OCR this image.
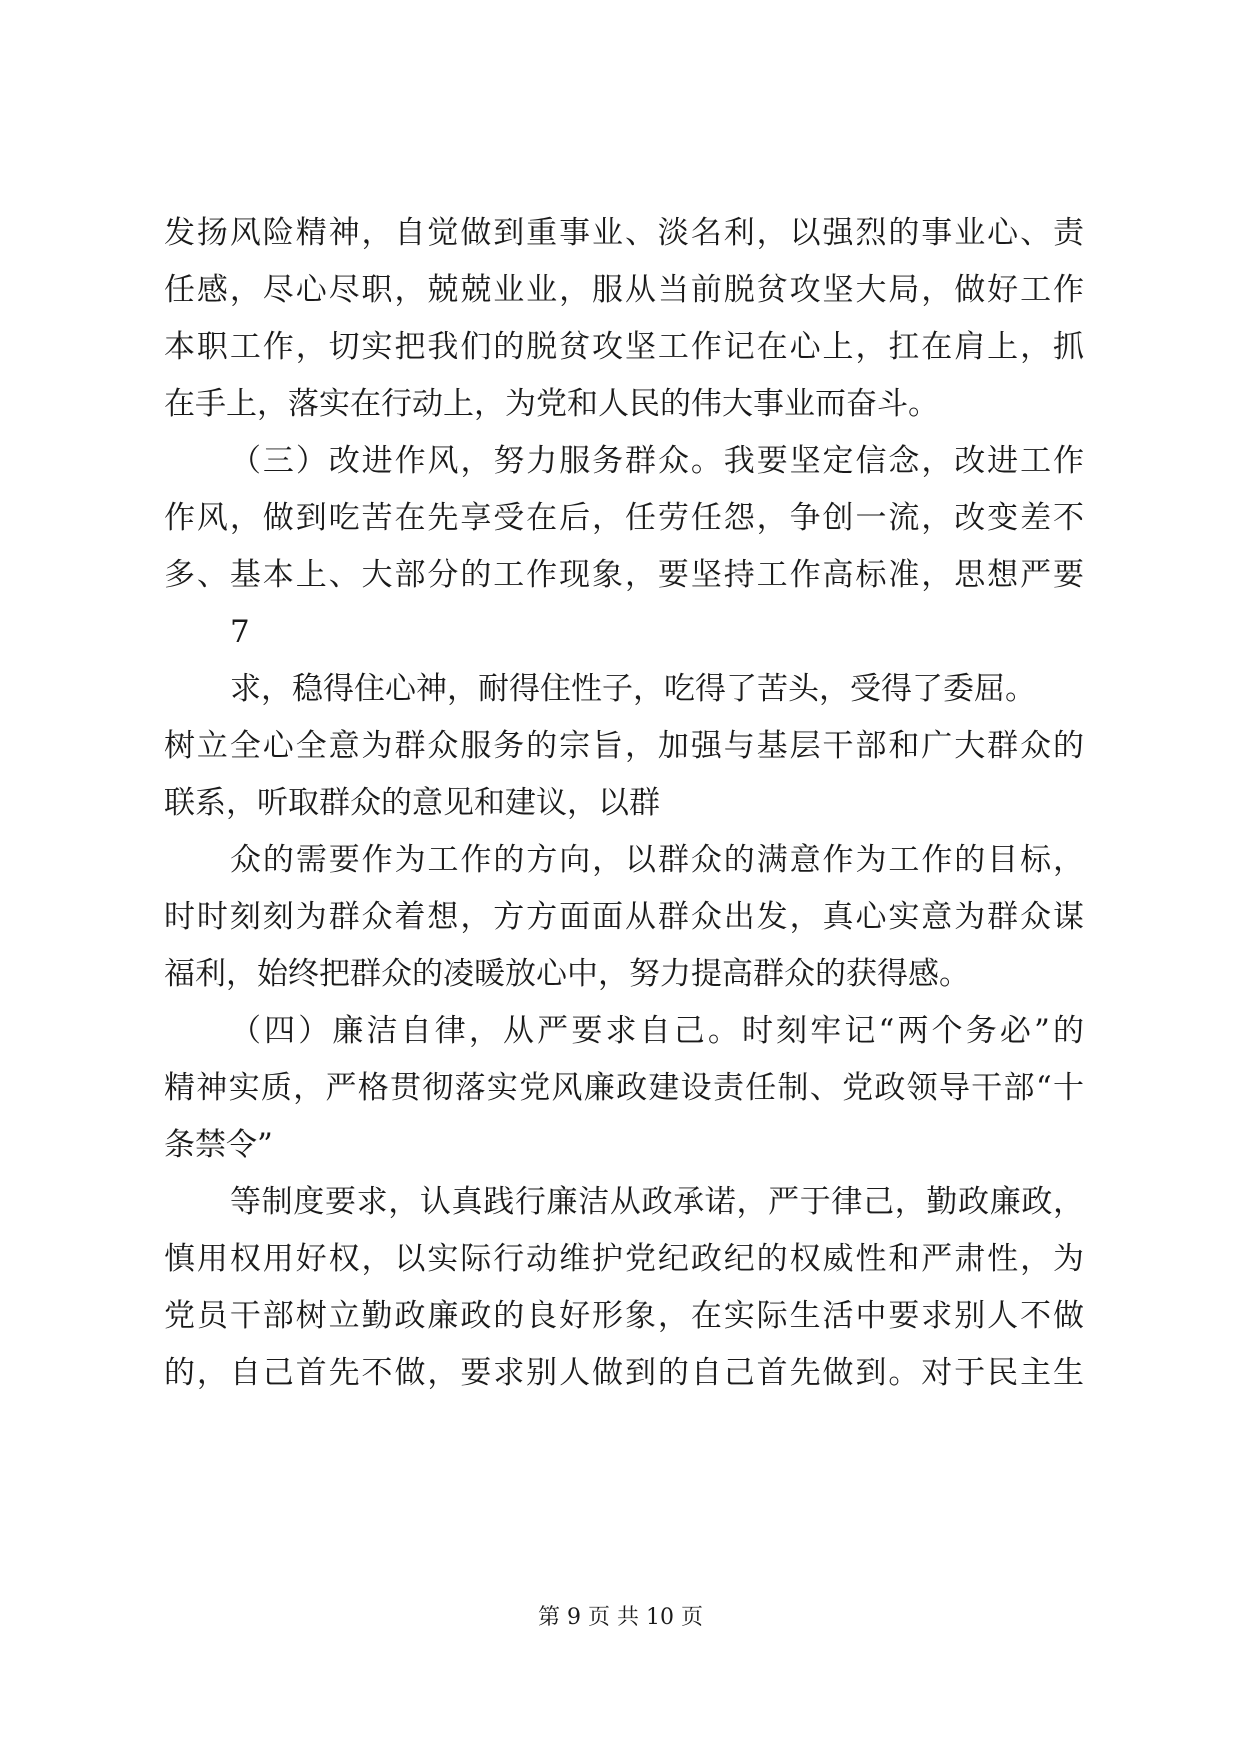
发扬风险精神，自觉做到重事业、淡名利，以强烈的事业心、责
任感，尽心尽职，兢兢业业，服从当前脱贫攻坚大局，做好工作
本职工作，切实把我们的脱贫攻坚工作记在心上，扛在肩上，抓
在手上，落实在行动上，为党和人民的伟大事业而奋斗。
（三）改进作风，努力服务群众。我要坚定信念，改进工作
作风，做到吃苦在先享受在后，任劳任怨，争创一流，改变差不
多、基本上、大部分的工作现象，要坚持工作高标准，思想严要
7
求，稳得住心神，耐得住性子，吃得了苦头，受得了委屈。
树立全心全意为群众服务的宗旨，加强与基层干部和广大群众的
联系，听取群众的意见和建议，以群
众的需要作为工作的方向，以群众的满意作为工作的目标，
时时刻刻为群众着想，方方面面从群众出发，真心实意为群众谋
福利，始终把群众的凌暖放心中，努力提高群众的获得感。
（四）廉洁自律，从严要求自己。时刻牢记“两个务必”的
精神实质，严格贯彻落实党风廉政建设责任制、党政领导干部“十
条禁令”
等制度要求，认真践行廉洁从政承诺，严于律己，勤政廉政，
慎用权用好权，以实际行动维护党纪政纪的权威性和严肃性，为
党员干部树立勤政廉政的良好形象，在实际生活中要求别人不做
的，自己首先不做，要求别人做到的自己首先做到。对于民主生
第 9 页 共 10 页
